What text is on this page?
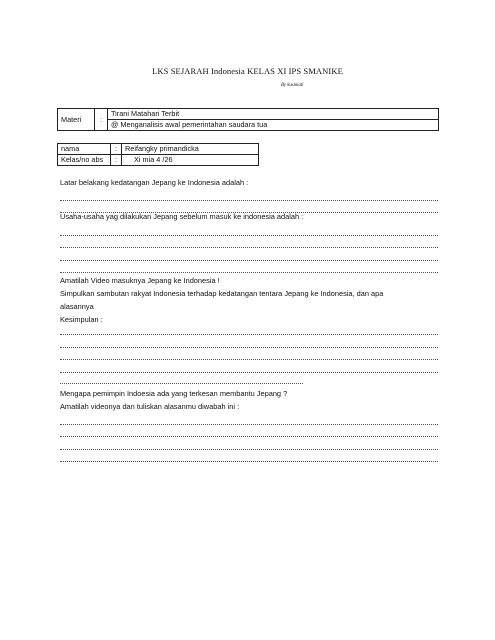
LKS SEJARAH Indonesia KELAS XI IPS SMANIKE
By kusmiati
Materi	:	Tirani Matahari Terbit
@ Menganalisis awal pemerintahan saudara tua
nama	:	Reifangky primandicka
Kelas/no abs	:	Xi mia 4 /26
Latar belakang kedatangan Jepang ke Indonesia adalah :
Usaha-usaha yag dilakukan Jepang sebelum masuk ke indonesia adalah :
Amatilah Video masuknya Jepang ke Indonesia !
Simpulkan sambutan rakyat Indonesia terhadap kedatangan tentara Jepang ke Indonesia, dan apa
alasannya
Kesimpulan :
Mengapa pemimpin Indoesia ada yang terkesan membantu Jepang ?
Amatilah videonya dan tuliskan alasanmu diwabah ini :
